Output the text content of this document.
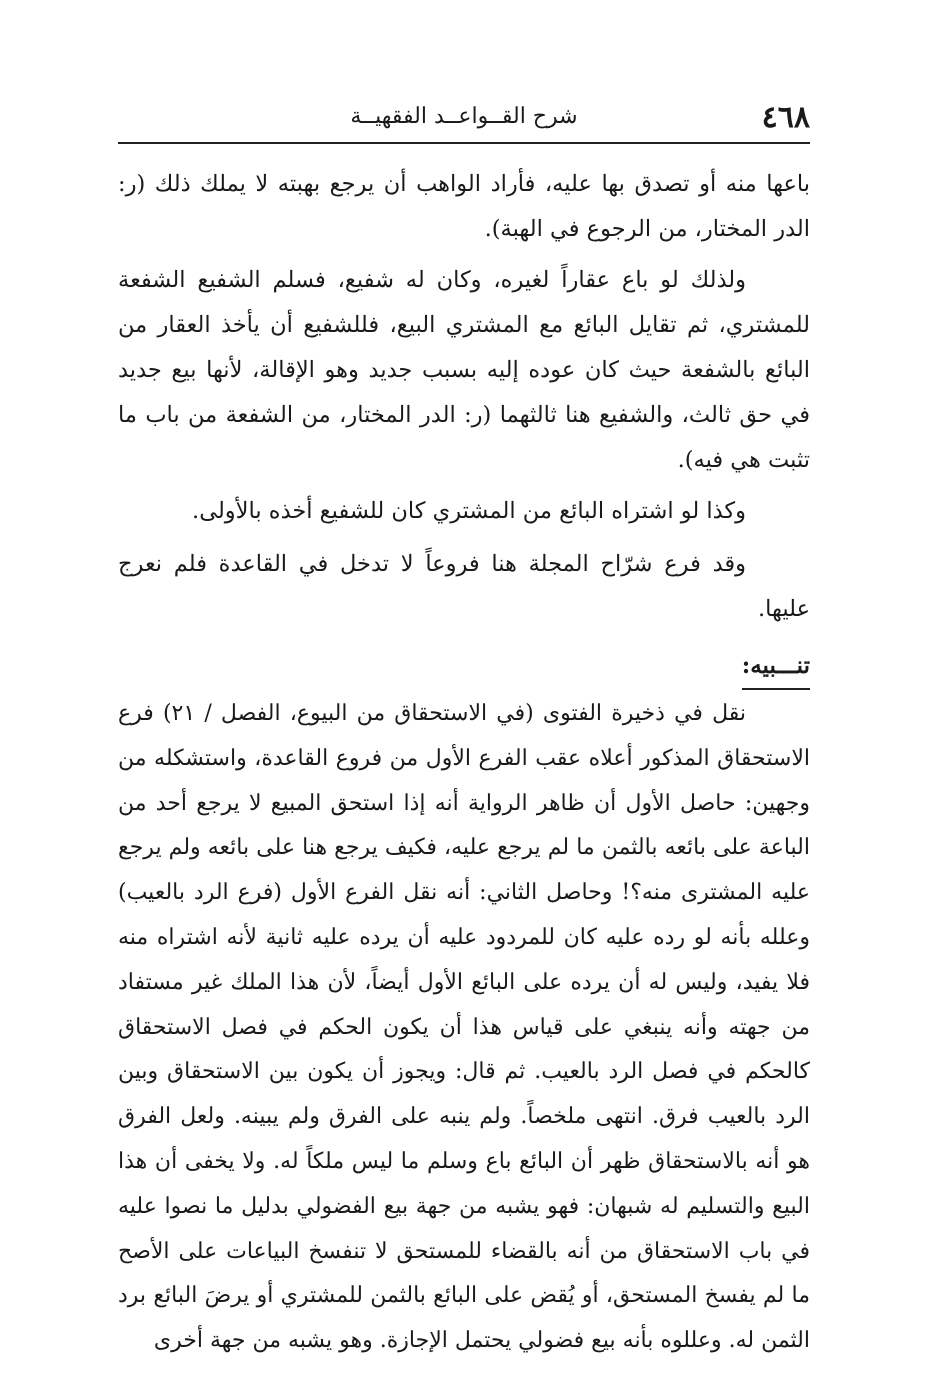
٤٦٨
شرح القــواعــد الفقهيــة

باعها منه أو تصدق بها عليه، فأراد الواهب أن يرجع بهبته لا يملك ذلك (ر: الدر المختار، من الرجوع في الهبة).

ولذلك لو باع عقاراً لغيره، وكان له شفيع، فسلم الشفيع الشفعة للمشتري، ثم تقايل البائع مع المشتري البيع، فللشفيع أن يأخذ العقار من البائع بالشفعة حيث كان عوده إليه بسبب جديد وهو الإقالة، لأنها بيع جديد في حق ثالث، والشفيع هنا ثالثهما (ر: الدر المختار، من الشفعة من باب ما تثبت هي فيه).

وكذا لو اشتراه البائع من المشتري كان للشفيع أخذه بالأولى.

وقد فرع شرّاح المجلة هنا فروعاً لا تدخل في القاعدة فلم نعرج عليها.

تنـــبيه:

نقل في ذخيرة الفتوى (في الاستحقاق من البيوع، الفصل / ٢١) فرع الاستحقاق المذكور أعلاه عقب الفرع الأول من فروع القاعدة، واستشكله من وجهين: حاصل الأول أن ظاهر الرواية أنه إذا استحق المبيع لا يرجع أحد من الباعة على بائعه بالثمن ما لم يرجع عليه، فكيف يرجع هنا على بائعه ولم يرجع عليه المشترى منه؟! وحاصل الثاني: أنه نقل الفرع الأول (فرع الرد بالعيب) وعلله بأنه لو رده عليه كان للمردود عليه أن يرده عليه ثانية لأنه اشتراه منه فلا يفيد، وليس له أن يرده على البائع الأول أيضاً، لأن هذا الملك غير مستفاد من جهته وأنه ينبغي على قياس هذا أن يكون الحكم في فصل الاستحقاق كالحكم في فصل الرد بالعيب. ثم قال: ويجوز أن يكون بين الاستحقاق وبين الرد بالعيب فرق. انتهى ملخصاً. ولم ينبه على الفرق ولم يبينه. ولعل الفرق هو أنه بالاستحقاق ظهر أن البائع باع وسلم ما ليس ملكاً له. ولا يخفى أن هذا البيع والتسليم له شبهان: فهو يشبه من جهة بيع الفضولي بدليل ما نصوا عليه في باب الاستحقاق من أنه بالقضاء للمستحق لا تنفسخ البياعات على الأصح ما لم يفسخ المستحق، أو يُقض على البائع بالثمن للمشتري أو يرضَ البائع برد الثمن له. وعللوه بأنه بيع فضولي يحتمل الإجازة. وهو يشبه من جهة أخرى
